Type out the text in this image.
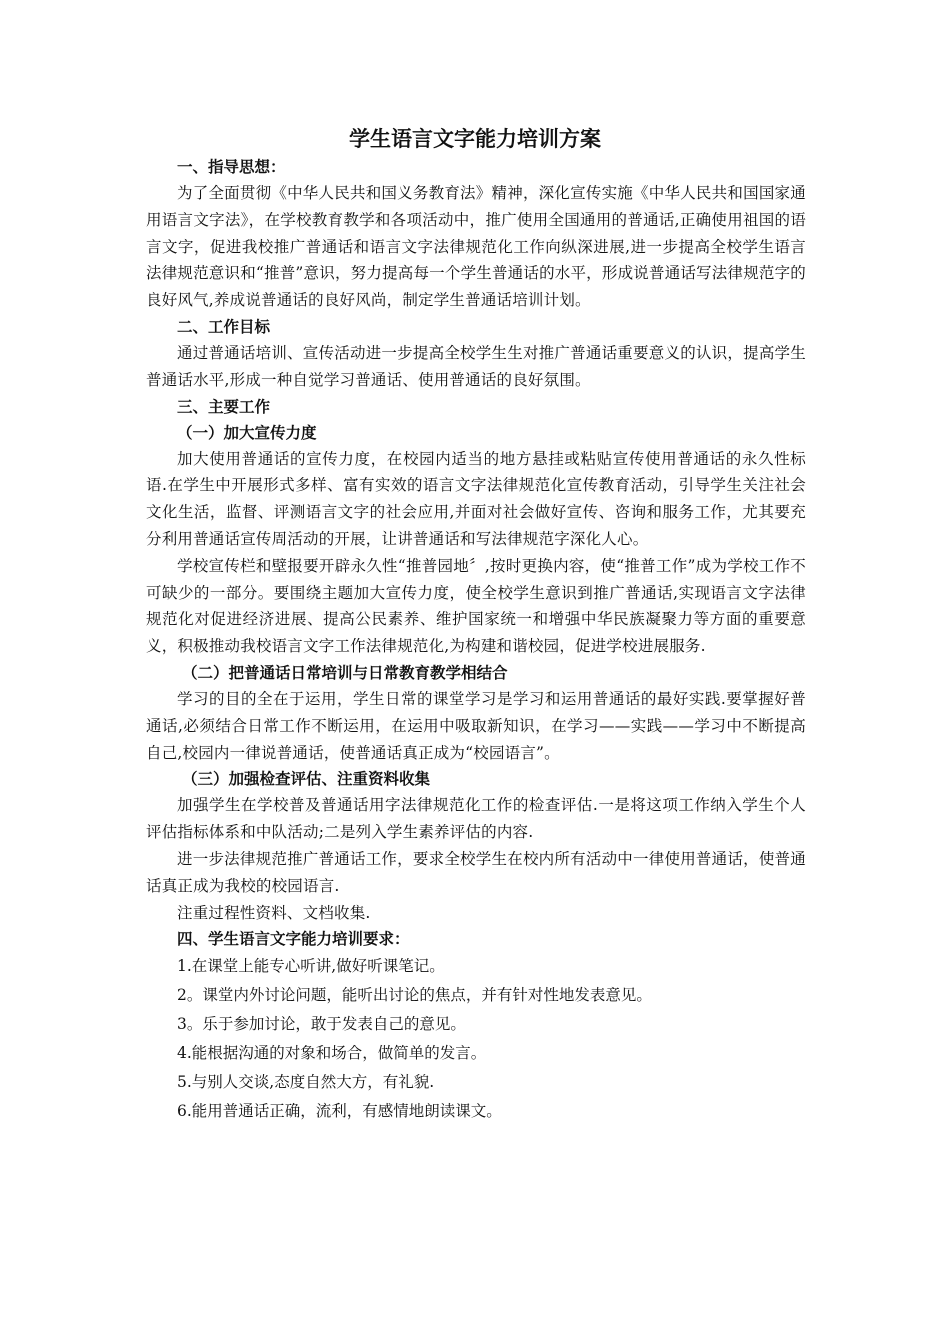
学生语言文字能力培训方案

一、指导思想：

为了全面贯彻《中华人民共和国义务教育法》精神，深化宣传实施《中华人民共和国国家通用语言文字法》，在学校教育教学和各项活动中，推广使用全国通用的普通话,正确使用祖国的语言文字，促进我校推广普通话和语言文字法律规范化工作向纵深进展,进一步提高全校学生语言法律规范意识和“推普”意识，努力提高每一个学生普通话的水平，形成说普通话写法律规范字的良好风气,养成说普通话的良好风尚，制定学生普通话培训计划。

二、工作目标

通过普通话培训、宣传活动进一步提高全校学生生对推广普通话重要意义的认识，提高学生普通话水平,形成一种自觉学习普通话、使用普通话的良好氛围。

三、主要工作

（一）加大宣传力度

加大使用普通话的宣传力度，在校园内适当的地方悬挂或粘贴宣传使用普通话的永久性标语.在学生中开展形式多样、富有实效的语言文字法律规范化宣传教育活动，引导学生关注社会文化生活，监督、评测语言文字的社会应用,并面对社会做好宣传、咨询和服务工作，尤其要充分利用普通话宣传周活动的开展，让讲普通话和写法律规范字深化人心。

学校宣传栏和壁报要开辟永久性“推普园地〞,按时更换内容，使“推普工作”成为学校工作不可缺少的一部分。要围绕主题加大宣传力度，使全校学生意识到推广普通话,实现语言文字法律规范化对促进经济进展、提高公民素养、维护国家统一和增强中华民族凝聚力等方面的重要意义，积极推动我校语言文字工作法律规范化,为构建和谐校园，促进学校进展服务.

（二）把普通话日常培训与日常教育教学相结合

学习的目的全在于运用，学生日常的课堂学习是学习和运用普通话的最好实践.要掌握好普通话,必须结合日常工作不断运用，在运用中吸取新知识，在学习——实践——学习中不断提高自己,校园内一律说普通话，使普通话真正成为“校园语言”。

（三）加强检查评估、注重资料收集

加强学生在学校普及普通话用字法律规范化工作的检查评估.一是将这项工作纳入学生个人评估指标体系和中队活动;二是列入学生素养评估的内容.

进一步法律规范推广普通话工作，要求全校学生在校内所有活动中一律使用普通话，使普通话真正成为我校的校园语言.

注重过程性资料、文档收集.

四、学生语言文字能力培训要求：

1.在课堂上能专心听讲,做好听课笔记。

2。课堂内外讨论问题，能听出讨论的焦点，并有针对性地发表意见。

3。乐于参加讨论，敢于发表自己的意见。

4.能根据沟通的对象和场合，做简单的发言。

5.与别人交谈,态度自然大方，有礼貌.

6.能用普通话正确，流利，有感情地朗读课文。
